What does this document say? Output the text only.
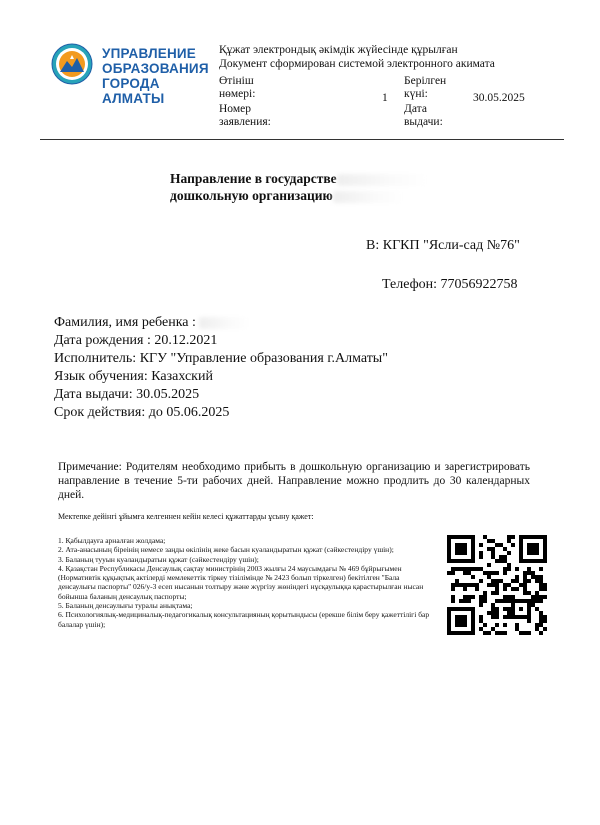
УПРАВЛЕНИЕ
ОБРАЗОВАНИЯ
ГОРОДА АЛМАТЫ
Құжат электрондық әкімдік жүйесінде құрылған
Документ сформирован системой электронного акимата
Өтініш нөмері:
Номер заявления:
1
Берілген күні:
Дата выдачи:
30.05.2025
Направление в государстве
дошкольную организацию
В: КГКП "Ясли-сад №76"
Телефон: 77056922758
Фамилия, имя ребенка :
Дата рождения : 20.12.2021
Исполнитель: КГУ "Управление образования г.Алматы"
Язык обучения: Казахский
Дата выдачи: 30.05.2025
Срок действия: до 05.06.2025
Примечание: Родителям необходимо прибыть в дошкольную организацию и зарегистрировать направление в течение 5-ти рабочих дней. Направление можно продлить до 30 календарных дней.
Мектепке дейінгі ұйымға келгеннен кейін келесі құжаттарды ұсыну қажет:
1. Қабылдауға арналған жолдама;
2. Ата-анасының біреінің немесе заңды өкілінің жеке басын куәландыратын құжат (сәйкестендіру үшін);
3. Баланың тууын куәландыратын құжат (сәйкестендіру үшін);
4. Қазақстан Республикасы Денсаулық сақтау министрінің 2003 жылғы 24 маусымдағы № 469 бұйрығымен (Нормативтік құқықтық актілерді мемлекеттік тіркеу тізілімінде № 2423 болып тіркелген) бекітілген "Бала денсаулығы паспорты" 026/у-3 есеп нысанын толтыру және жүргізу жөніндегі нұсқаулыққа қарастырылған нысан бойынша баланың денсаулық паспорты;
5. Баланың денсаулығы туралы анықтама;
6. Психологиялық-медициналық-педагогикалық консультацияның қорытындысы (ерекше білім беру қажеттілігі бар балалар үшін);
